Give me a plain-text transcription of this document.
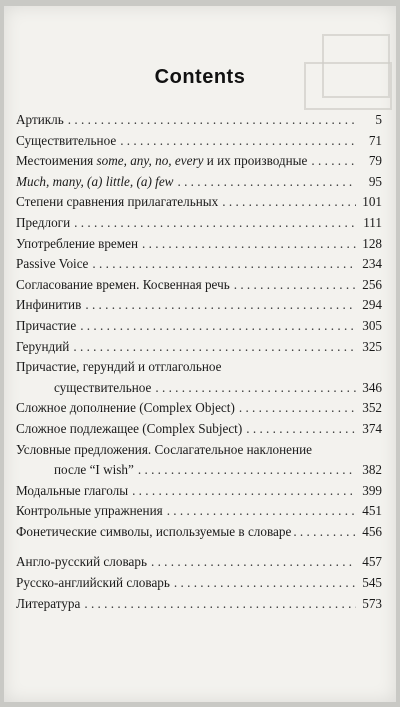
Contents
Артикль . . .	5
Существительное . . .	71
Местоимения some, any, no, every и их производные . . .	79
Much, many, (a) little, (a) few . . .	95
Степени сравнения прилагательных . . .	101
Предлоги . . .	111
Употребление времен . . .	128
Passive Voice . . .	234
Согласование времен. Косвенная речь . . .	256
Инфинитив . . .	294
Причастие . . .	305
Герундий . . .	325
Причастие, герундий и отглагольное
существительное . . .	346
Сложное дополнение (Complex Object) . . .	352
Сложное подлежащее (Complex Subject) . . .	374
Условные предложения. Сослагательное наклонение
после “I wish” . . .	382
Модальные глаголы . . .	399
Контрольные упражнения . . .	451
Фонетические символы, используемые в словаре . . .	456
Англо-русский словарь . . .	457
Русско-английский словарь . . .	545
Литература . . .	573
